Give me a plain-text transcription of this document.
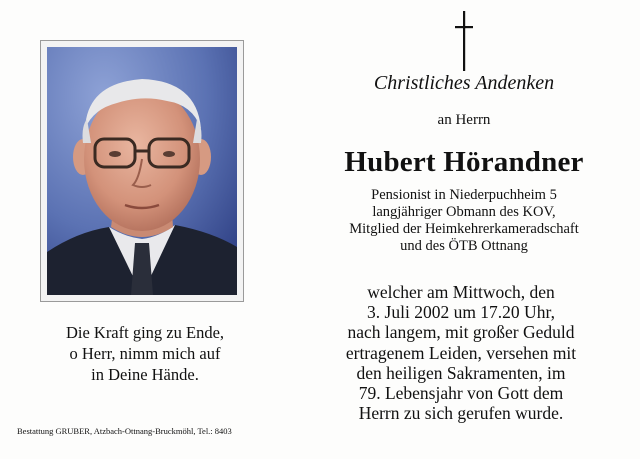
Die Kraft ging zu Ende,
o Herr, nimm mich auf
in Deine Hände.
Bestattung GRUBER, Atzbach-Ottnang-Bruckmöhl, Tel.: 8403
Christliches Andenken
an Herrn
Hubert Hörandner
Pensionist in Niederpuchheim 5
langjähriger Obmann des KOV,
Mitglied der Heimkehrerkameradschaft
und des ÖTB Ottnang
welcher am Mittwoch, den
3. Juli 2002 um 17.20 Uhr,
nach langem, mit großer Geduld
ertragenem Leiden, versehen mit
den heiligen Sakramenten, im
79. Lebensjahr von Gott dem
Herrn zu sich gerufen wurde.
